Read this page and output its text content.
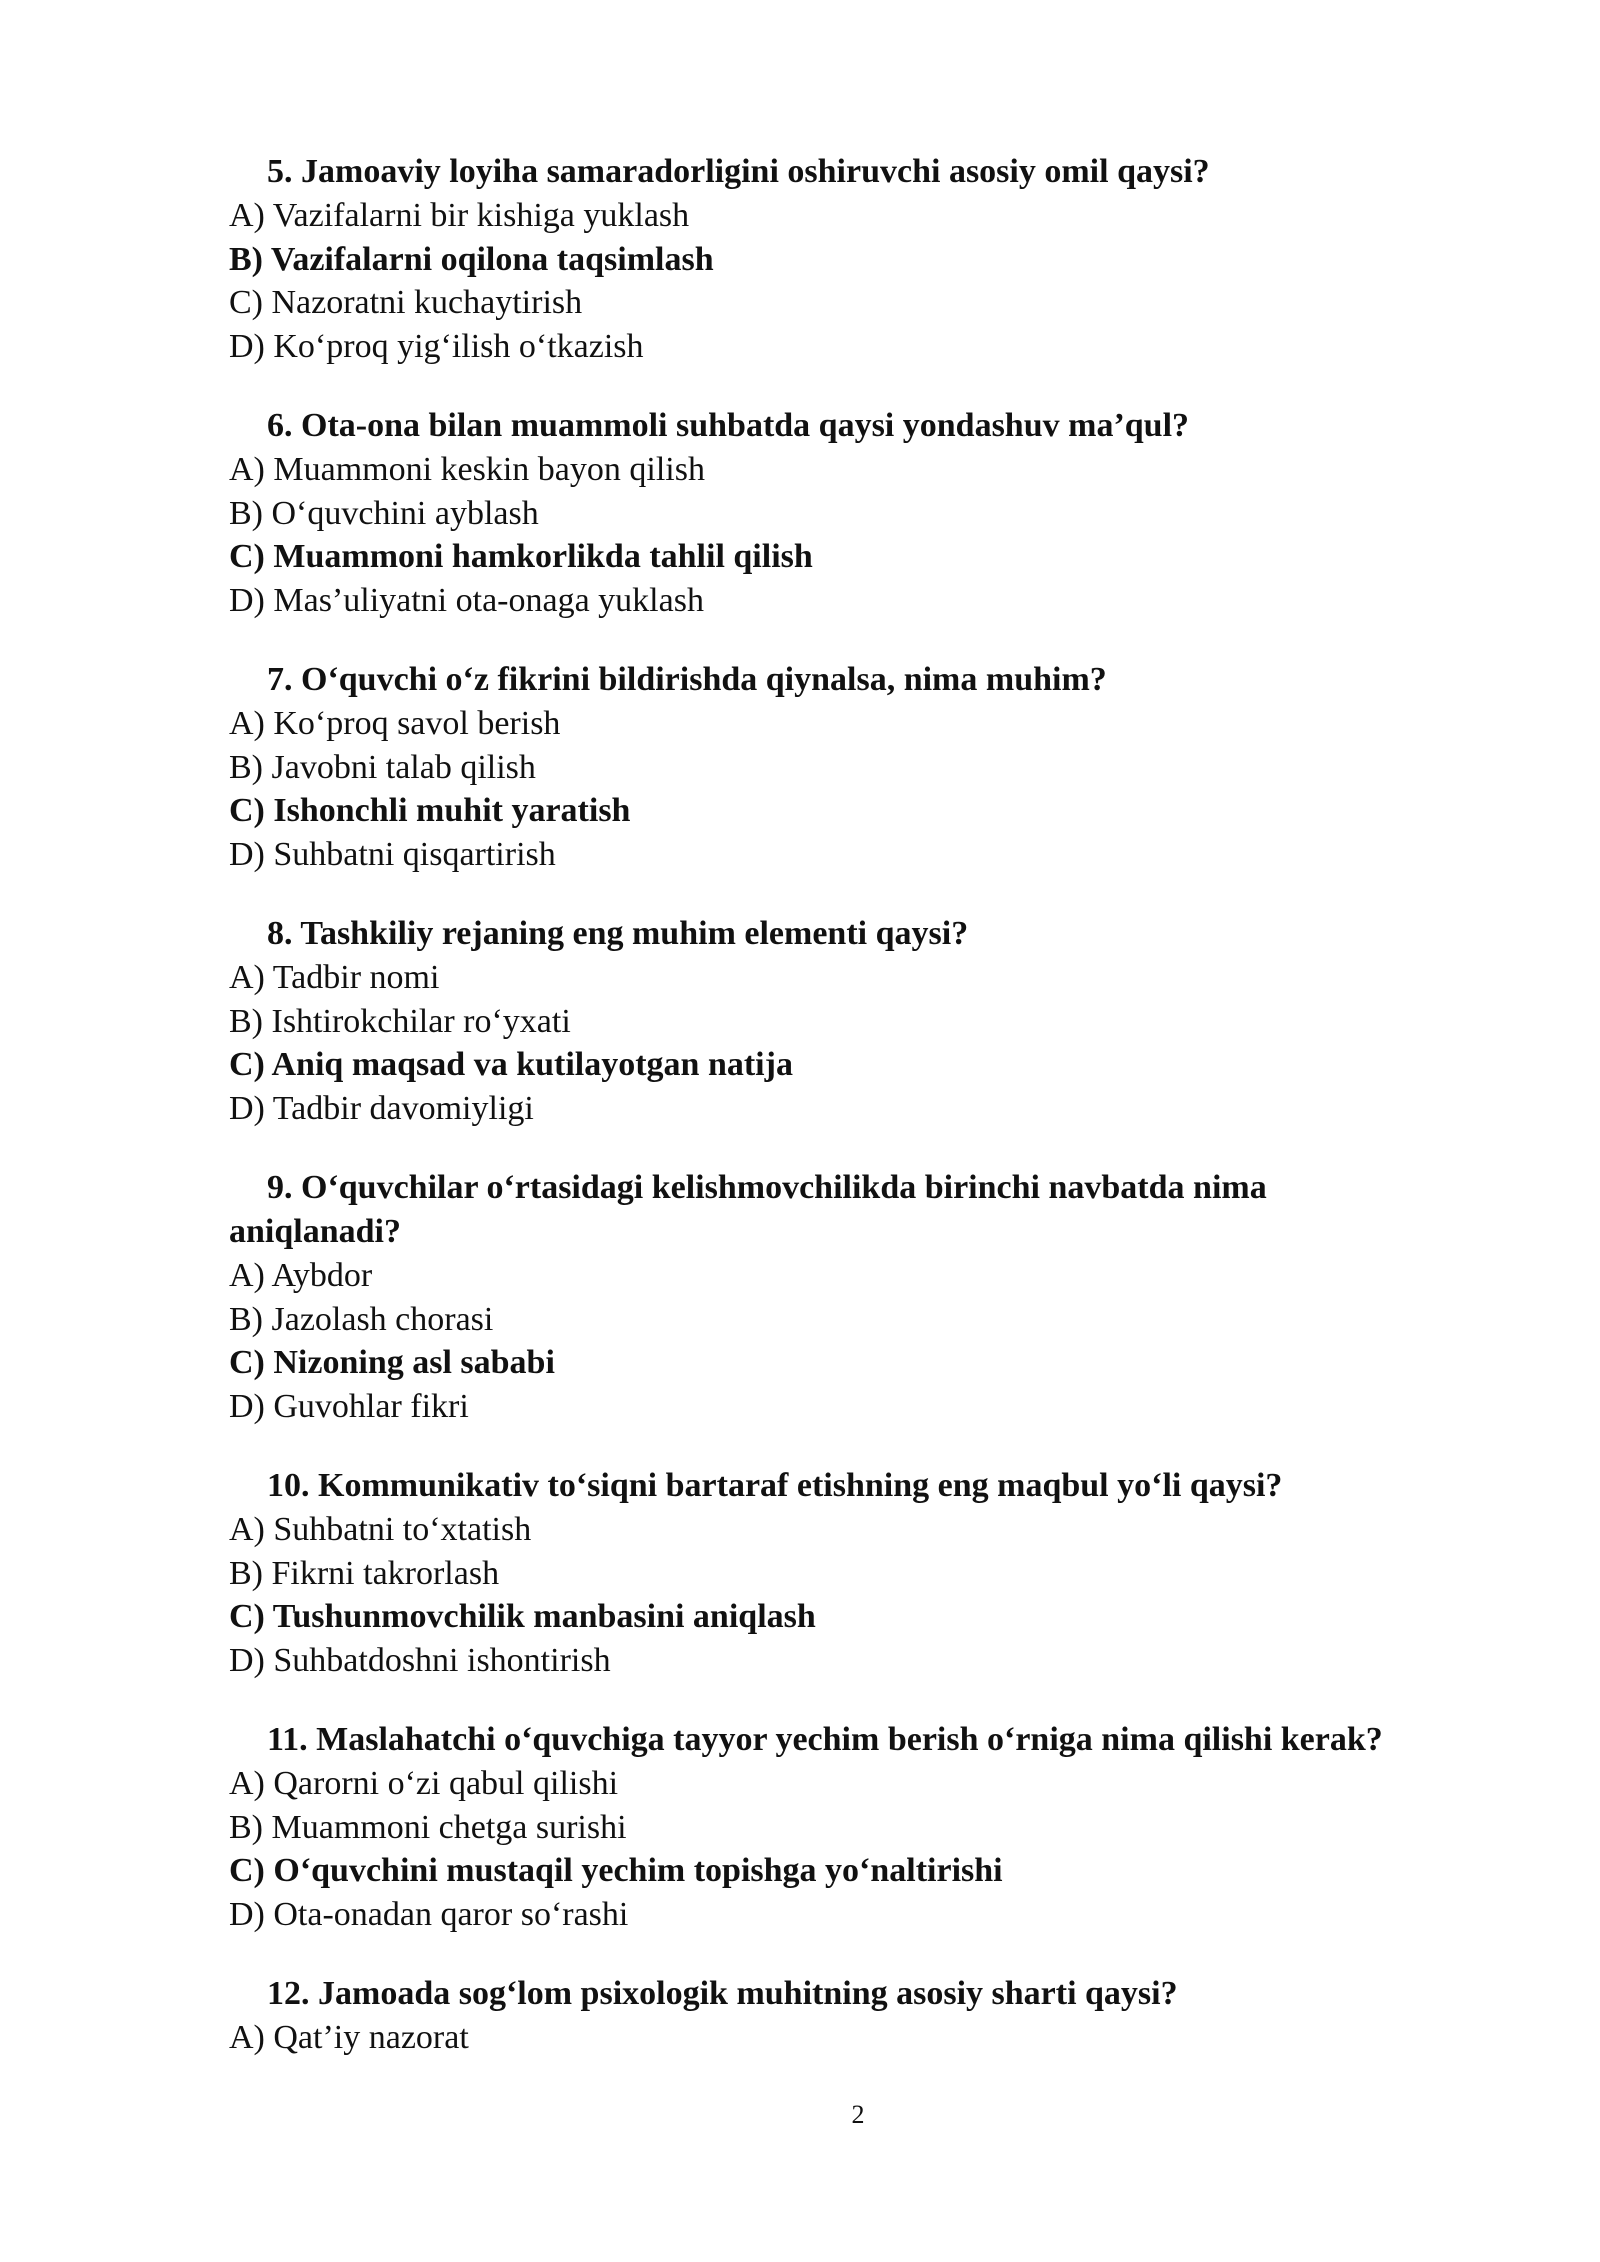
5. Jamoaviy loyiha samaradorligini oshiruvchi asosiy omil qaysi?

A) Vazifalarni bir kishiga yuklash

B) Vazifalarni oqilona taqsimlash

C) Nazoratni kuchaytirish

D) Ko‘proq yig‘ilish o‘tkazish

6. Ota-ona bilan muammoli suhbatda qaysi yondashuv ma’qul?

A) Muammoni keskin bayon qilish

B) O‘quvchini ayblash

C) Muammoni hamkorlikda tahlil qilish

D) Mas’uliyatni ota-onaga yuklash

7. O‘quvchi o‘z fikrini bildirishda qiynalsa, nima muhim?

A) Ko‘proq savol berish

B) Javobni talab qilish

C) Ishonchli muhit yaratish

D) Suhbatni qisqartirish

8. Tashkiliy rejaning eng muhim elementi qaysi?

A) Tadbir nomi

B) Ishtirokchilar ro‘yxati

C) Aniq maqsad va kutilayotgan natija

D) Tadbir davomiyligi

9. O‘quvchilar o‘rtasidagi kelishmovchilikda birinchi navbatda nima aniqlanadi?

A) Aybdor

B) Jazolash chorasi

C) Nizoning asl sababi

D) Guvohlar fikri

10. Kommunikativ to‘siqni bartaraf etishning eng maqbul yo‘li qaysi?

A) Suhbatni to‘xtatish

B) Fikrni takrorlash

C) Tushunmovchilik manbasini aniqlash

D) Suhbatdoshni ishontirish

11. Maslahatchi o‘quvchiga tayyor yechim berish o‘rniga nima qilishi kerak?

A) Qarorni o‘zi qabul qilishi

B) Muammoni chetga surishi

C) O‘quvchini mustaqil yechim topishga yo‘naltirishi

D) Ota-onadan qaror so‘rashi

12. Jamoada sog‘lom psixologik muhitning asosiy sharti qaysi?

A) Qat’iy nazorat

2
